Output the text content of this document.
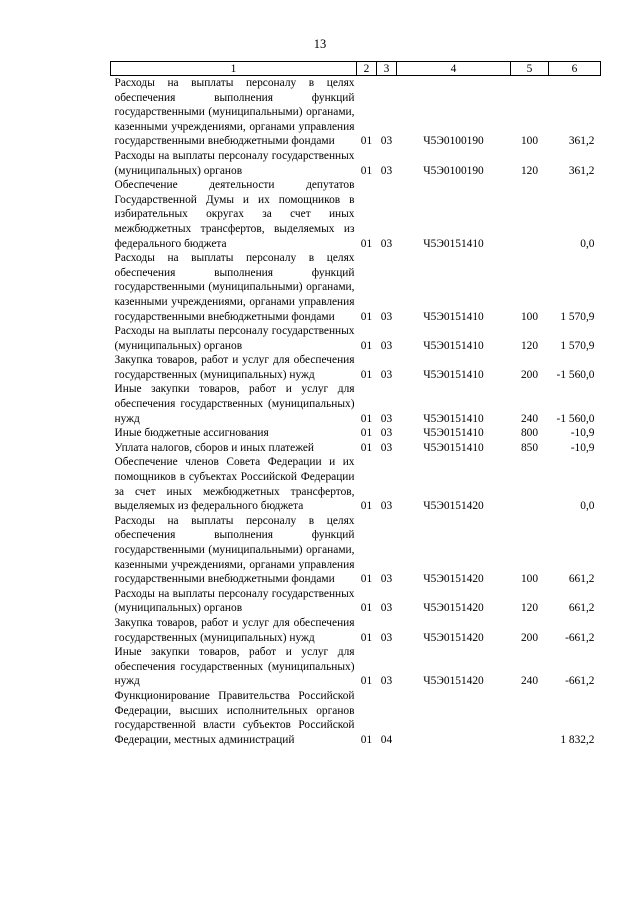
13
1	2	3	4	5	6
Расходы на выплаты персоналу в целях обеспечения выполнения функций государственными (муниципальными) органами, казенными учреждениями, органами управления государственными внебюджетными фондами	01	03	Ч5Э0100190	100	361,2
Расходы на выплаты персоналу государственных (муниципальных) органов	01	03	Ч5Э0100190	120	361,2
Обеспечение деятельности депутатов Государственной Думы и их помощников в избирательных округах за счет иных межбюджетных трансфертов, выделяемых из федерального бюджета	01	03	Ч5Э0151410		0,0
Расходы на выплаты персоналу в целях обеспечения выполнения функций государственными (муниципальными) органами, казенными учреждениями, органами управления государственными внебюджетными фондами	01	03	Ч5Э0151410	100	1 570,9
Расходы на выплаты персоналу государственных (муниципальных) органов	01	03	Ч5Э0151410	120	1 570,9
Закупка товаров, работ и услуг для обеспечения государственных (муниципальных) нужд	01	03	Ч5Э0151410	200	-1 560,0
Иные закупки товаров, работ и услуг для обеспечения государственных (муниципальных) нужд	01	03	Ч5Э0151410	240	-1 560,0
Иные бюджетные ассигнования	01	03	Ч5Э0151410	800	-10,9
Уплата налогов, сборов и иных платежей	01	03	Ч5Э0151410	850	-10,9
Обеспечение членов Совета Федерации и их помощников в субъектах Российской Федерации за счет иных межбюджетных трансфертов, выделяемых из федерального бюджета	01	03	Ч5Э0151420		0,0
Расходы на выплаты персоналу в целях обеспечения выполнения функций государственными (муниципальными) органами, казенными учреждениями, органами управления государственными внебюджетными фондами	01	03	Ч5Э0151420	100	661,2
Расходы на выплаты персоналу государственных (муниципальных) органов	01	03	Ч5Э0151420	120	661,2
Закупка товаров, работ и услуг для обеспечения государственных (муниципальных) нужд	01	03	Ч5Э0151420	200	-661,2
Иные закупки товаров, работ и услуг для обеспечения государственных (муниципальных) нужд	01	03	Ч5Э0151420	240	-661,2
Функционирование Правительства Российской Федерации, высших исполнительных органов государственной власти субъектов Российской Федерации, местных администраций	01	04			1 832,2
